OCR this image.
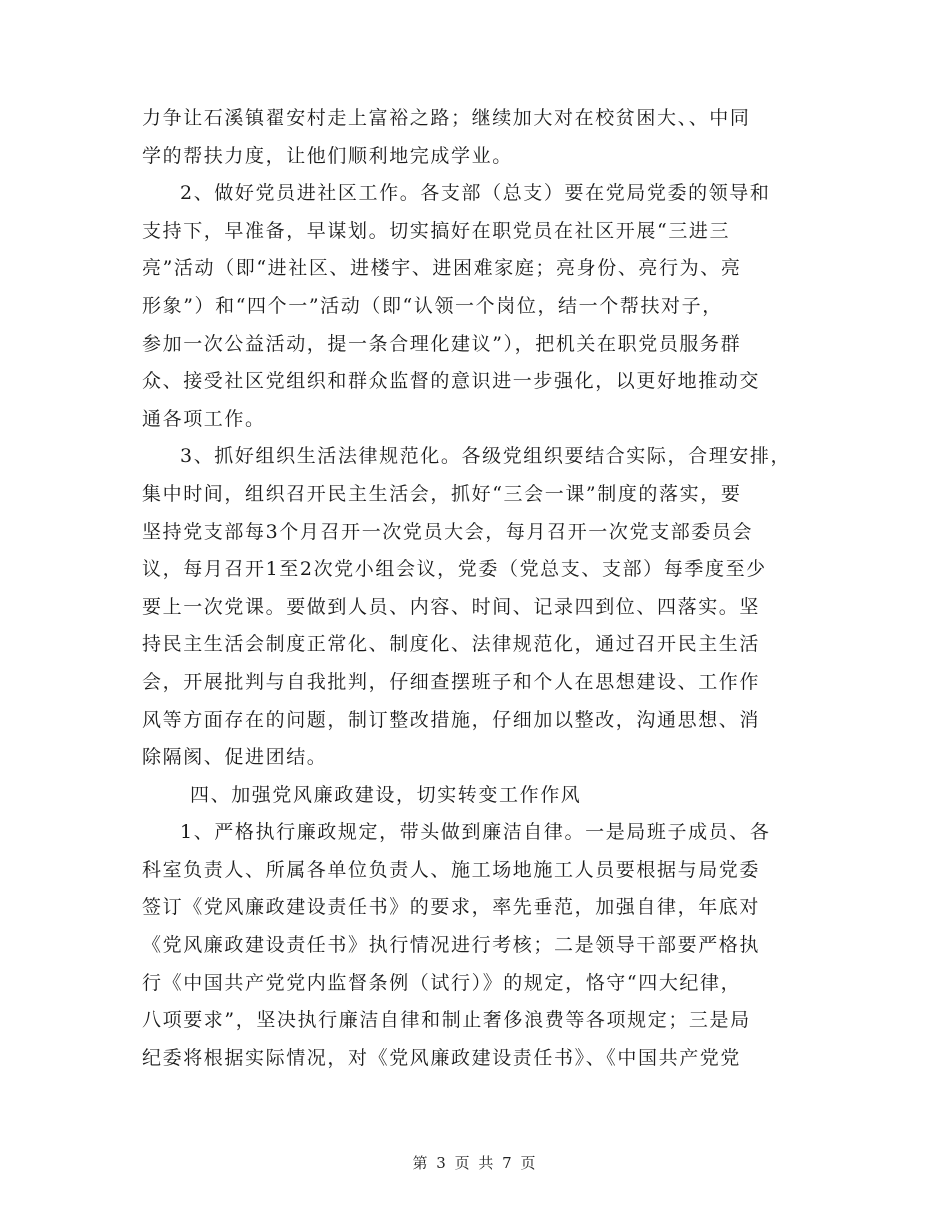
力争让石溪镇翟安村走上富裕之路；继续加大对在校贫困大、、中同
学的帮扶力度，让他们顺利地完成学业。
2、做好党员进社区工作。各支部（总支）要在党局党委的领导和
支持下，早准备，早谋划。切实搞好在职党员在社区开展“三进三
亮”活动（即“进社区、进楼宇、进困难家庭；亮身份、亮行为、亮
形象”）和“四个一”活动（即“认领一个岗位，结一个帮扶对子，
参加一次公益活动，提一条合理化建议”），把机关在职党员服务群
众、接受社区党组织和群众监督的意识进一步强化，以更好地推动交
通各项工作。
3、抓好组织生活法律规范化。各级党组织要结合实际，合理安排，
集中时间，组织召开民主生活会，抓好“三会一课”制度的落实，要
坚持党支部每3个月召开一次党员大会，每月召开一次党支部委员会
议，每月召开1至2次党小组会议，党委（党总支、支部）每季度至少
要上一次党课。要做到人员、内容、时间、记录四到位、四落实。坚
持民主生活会制度正常化、制度化、法律规范化，通过召开民主生活
会，开展批判与自我批判，仔细查摆班子和个人在思想建设、工作作
风等方面存在的问题，制订整改措施，仔细加以整改，沟通思想、消
除隔阂、促进团结。
四、加强党风廉政建设，切实转变工作作风
1、严格执行廉政规定，带头做到廉洁自律。一是局班子成员、各
科室负责人、所属各单位负责人、施工场地施工人员要根据与局党委
签订《党风廉政建设责任书》的要求，率先垂范，加强自律，年底对
《党风廉政建设责任书》执行情况进行考核；二是领导干部要严格执
行《中国共产党党内监督条例（试行）》的规定，恪守“四大纪律，
八项要求”，坚决执行廉洁自律和制止奢侈浪费等各项规定；三是局
纪委将根据实际情况，对《党风廉政建设责任书》、《中国共产党党
第 3 页 共 7 页
